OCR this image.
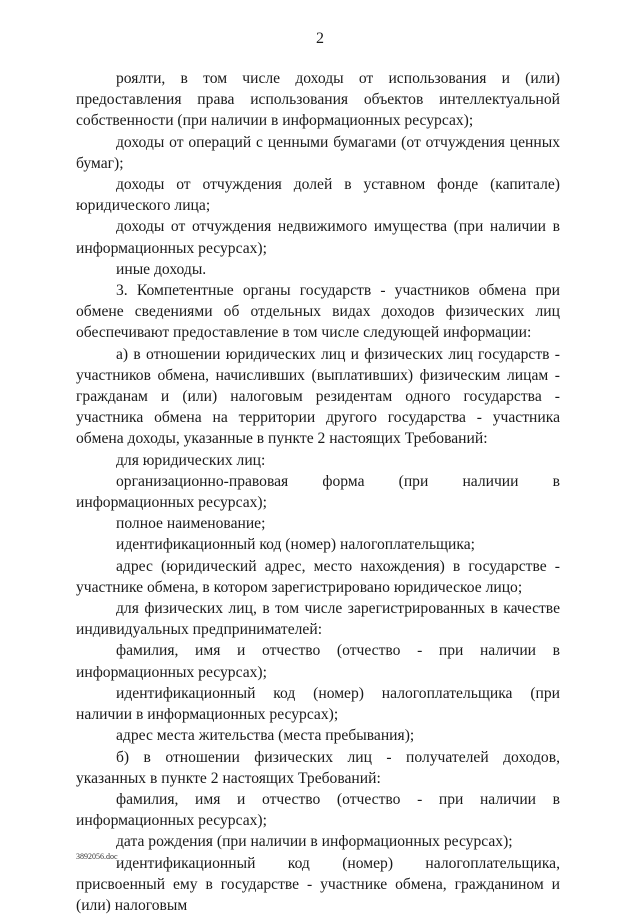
2

роялти, в том числе доходы от использования и (или) предоставления права использования объектов интеллектуальной собственности (при наличии в информационных ресурсах);

доходы от операций с ценными бумагами (от отчуждения ценных бумаг);

доходы от отчуждения долей в уставном фонде (капитале) юридического лица;

доходы от отчуждения недвижимого имущества (при наличии в информационных ресурсах);

иные доходы.

3. Компетентные органы государств - участников обмена при обмене сведениями об отдельных видах доходов физических лиц обеспечивают предоставление в том числе следующей информации:

а) в отношении юридических лиц и физических лиц государств - участников обмена, начисливших (выплативших) физическим лицам - гражданам и (или) налоговым резидентам одного государства - участника обмена на территории другого государства - участника обмена доходы, указанные в пункте 2 настоящих Требований:

для юридических лиц:

организационно-правовая форма (при наличии в информационных ресурсах);

полное наименование;

идентификационный код (номер) налогоплательщика;

адрес (юридический адрес, место нахождения) в государстве - участнике обмена, в котором зарегистрировано юридическое лицо;

для физических лиц, в том числе зарегистрированных в качестве индивидуальных предпринимателей:

фамилия, имя и отчество (отчество - при наличии в информационных ресурсах);

идентификационный код (номер) налогоплательщика (при наличии в информационных ресурсах);

адрес места жительства (места пребывания);

б) в отношении физических лиц - получателей доходов, указанных в пункте 2 настоящих Требований:

фамилия, имя и отчество (отчество - при наличии в информационных ресурсах);

дата рождения (при наличии в информационных ресурсах);

идентификационный код (номер) налогоплательщика, присвоенный ему в государстве - участнике обмена, гражданином и (или) налоговым

3892056.doc
